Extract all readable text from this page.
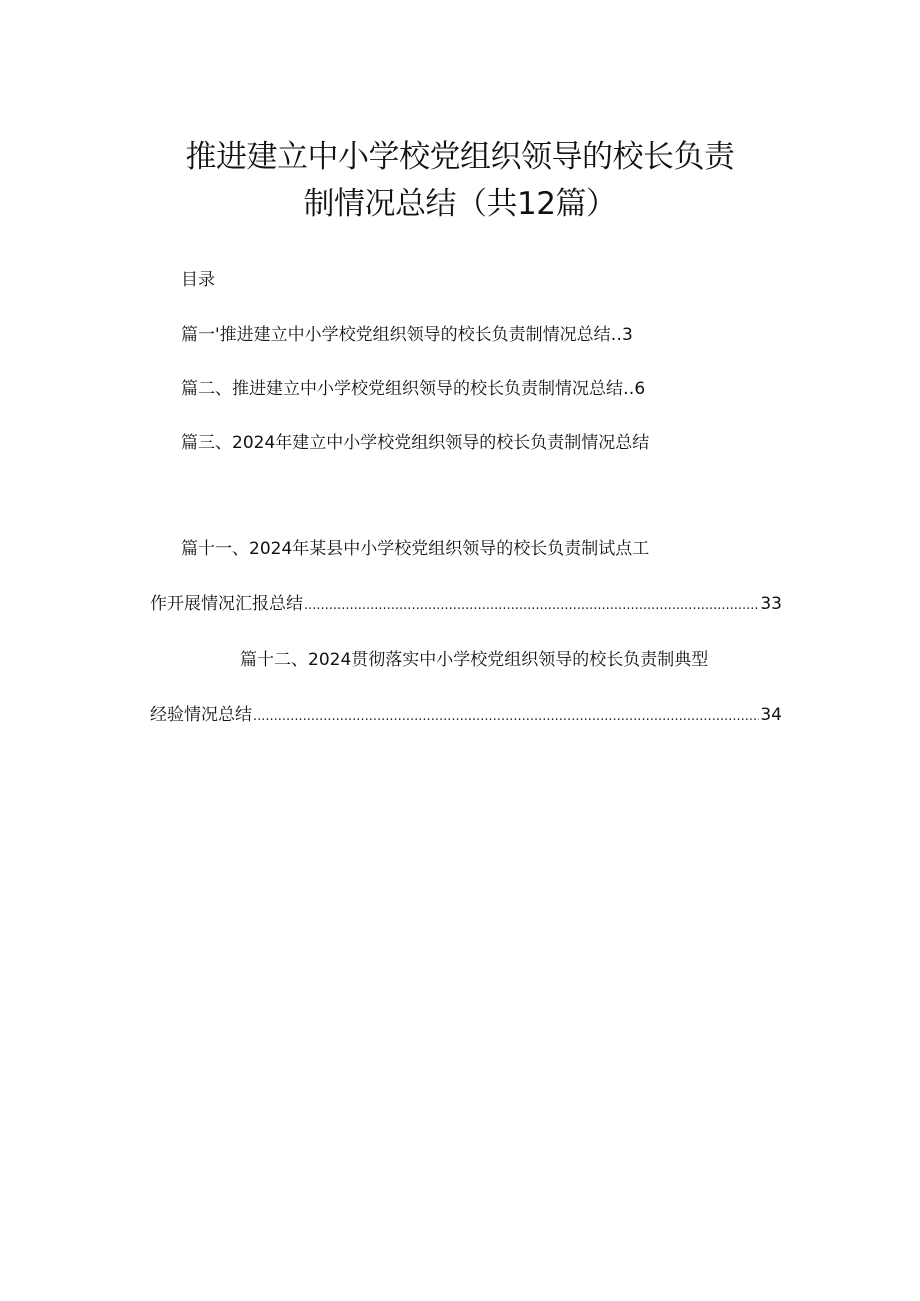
推进建立中小学校党组织领导的校长负责
制情况总结（共12篇）
目录
篇一'推进建立中小学校党组织领导的校长负责制情况总结‥3
篇二、推进建立中小学校党组织领导的校长负责制情况总结‥6
篇三、2024年建立中小学校党组织领导的校长负责制情况总结
篇十一、2024年某县中小学校党组织领导的校长负责制试点工
作开展情况汇报总结 .....	33
篇十二、2024贯彻落实中小学校党组织领导的校长负责制典型
经验情况总结 .....	34
